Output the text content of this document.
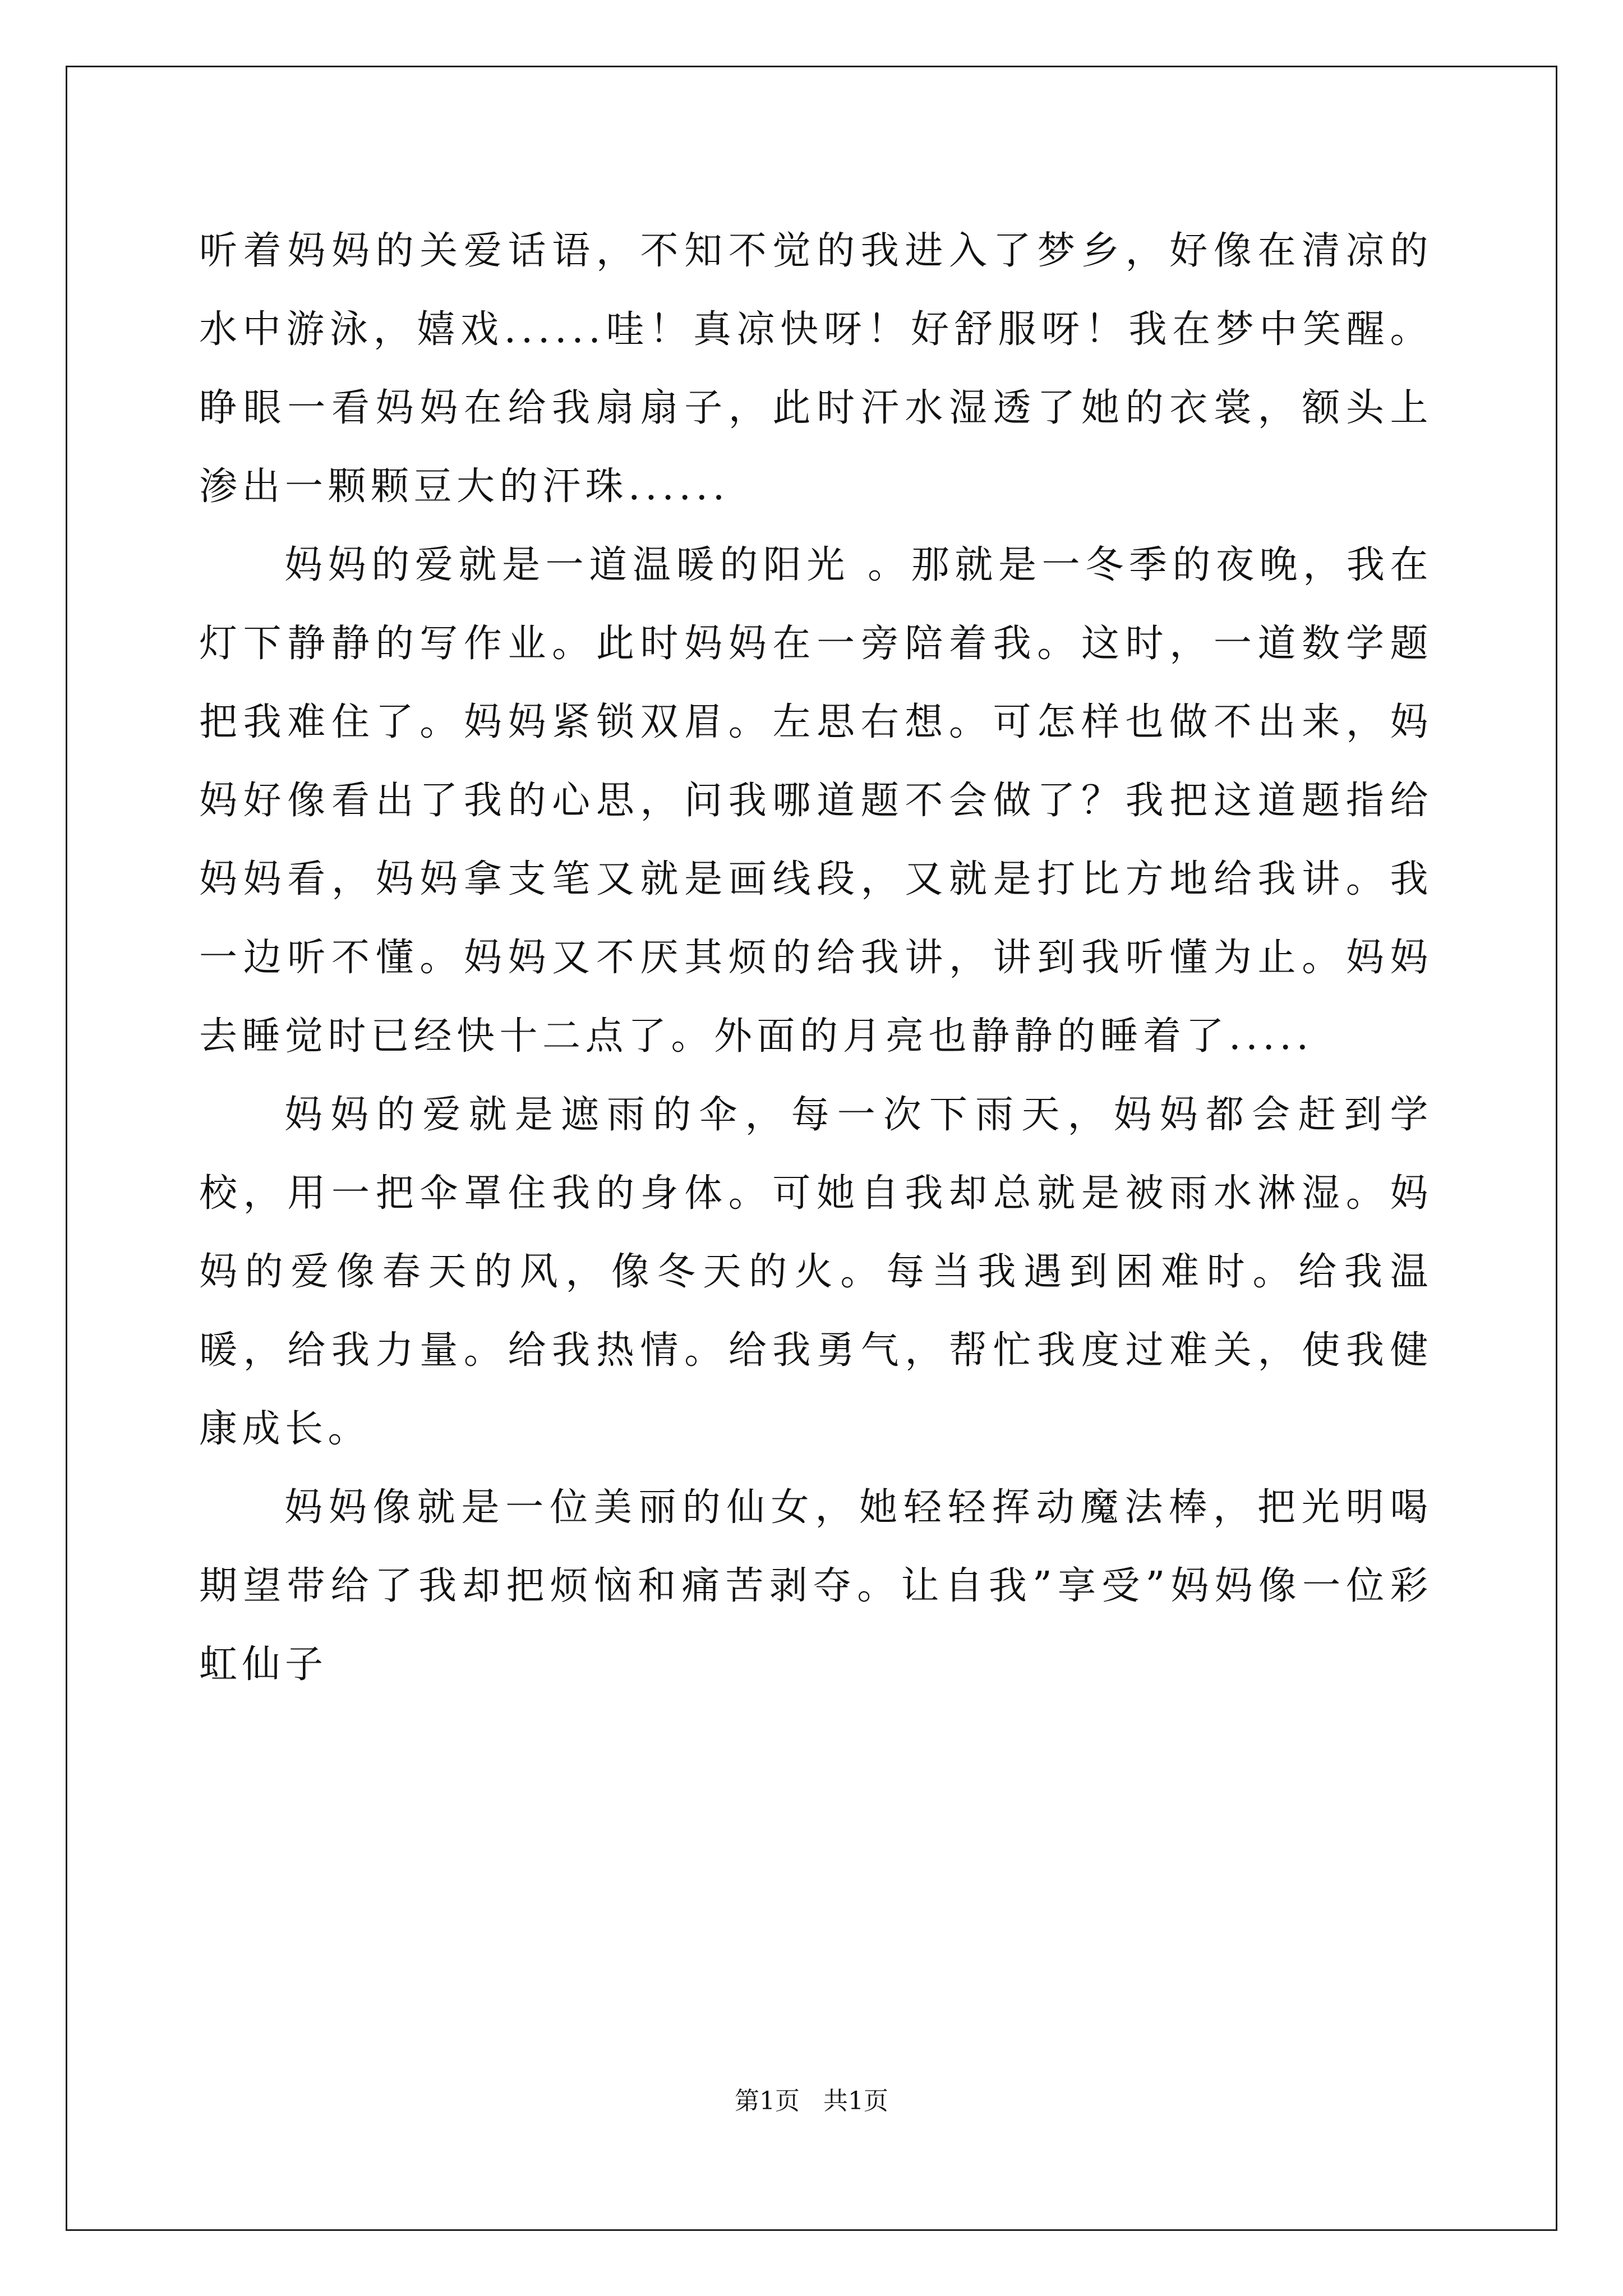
听着妈妈的关爱话语，不知不觉的我进入了梦乡，好像在清凉的水中游泳，嬉戏......哇！真凉快呀！好舒服呀！我在梦中笑醒。睁眼一看妈妈在给我扇扇子，此时汗水湿透了她的衣裳，额头上渗出一颗颗豆大的汗珠......

妈妈的爱就是一道温暖的阳光 。那就是一冬季的夜晚，我在灯下静静的写作业。此时妈妈在一旁陪着我。这时，一道数学题把我难住了。妈妈紧锁双眉。左思右想。可怎样也做不出来，妈妈好像看出了我的心思，问我哪道题不会做了？我把这道题指给妈妈看，妈妈拿支笔又就是画线段，又就是打比方地给我讲。我一边听不懂。妈妈又不厌其烦的给我讲，讲到我听懂为止。妈妈去睡觉时已经快十二点了。外面的月亮也静静的睡着了.....

妈妈的爱就是遮雨的伞，每一次下雨天，妈妈都会赶到学校，用一把伞罩住我的身体。可她自我却总就是被雨水淋湿。妈妈的爱像春天的风，像冬天的火。每当我遇到困难时。给我温暖，给我力量。给我热情。给我勇气，帮忙我度过难关，使我健康成长。

妈妈像就是一位美丽的仙女，她轻轻挥动魔法棒，把光明喝期望带给了我却把烦恼和痛苦剥夺。让自我”享受”妈妈像一位彩虹仙子

第1页 共1页
